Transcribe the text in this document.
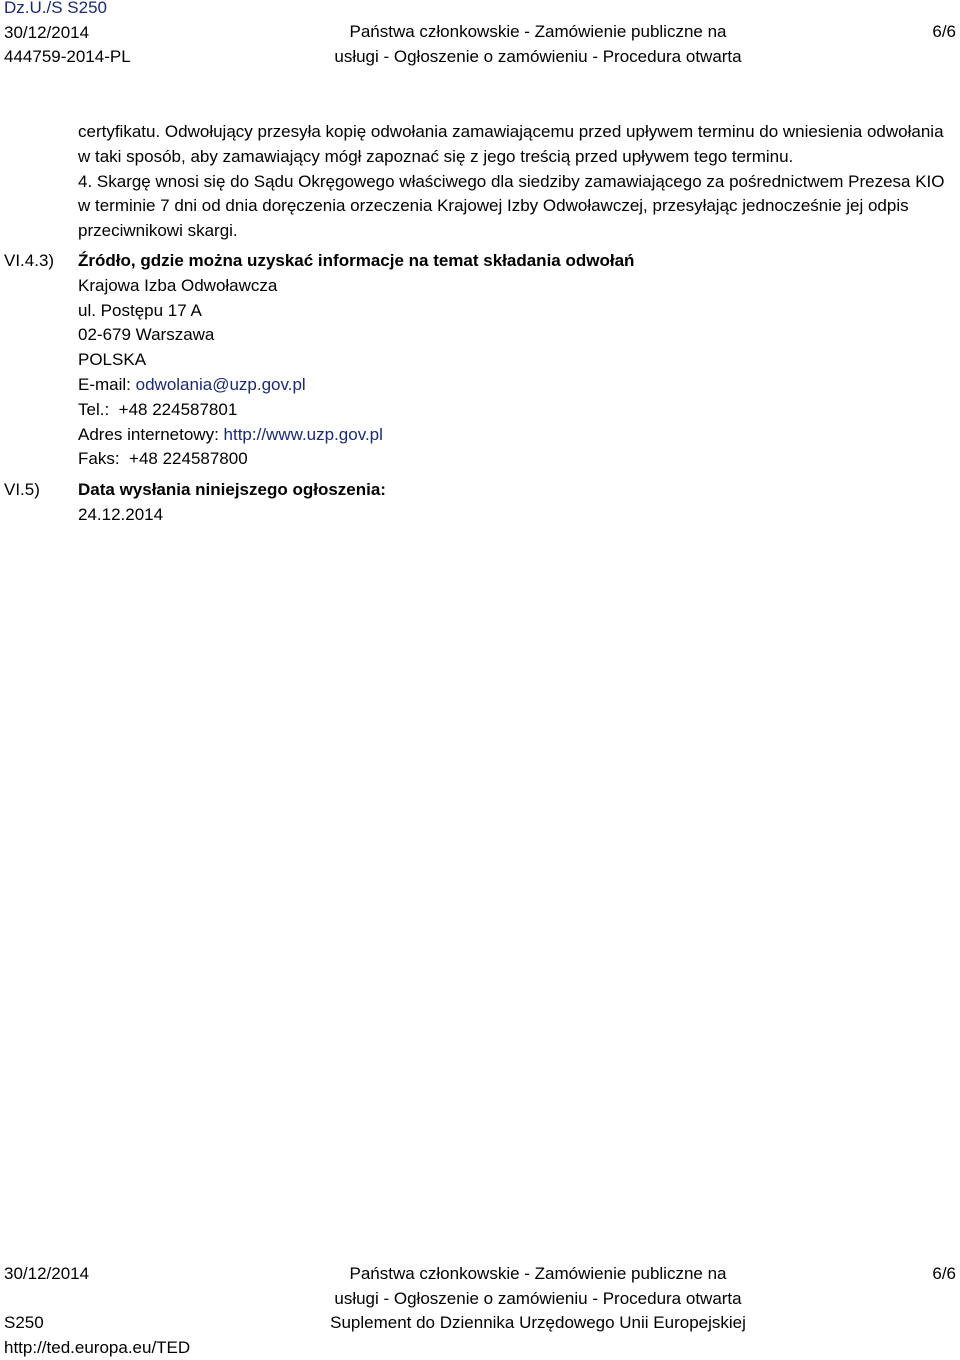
Dz.U./S S250
30/12/2014
444759-2014-PL
Państwa członkowskie - Zamówienie publiczne na
usługi - Ogłoszenie o zamówieniu - Procedura otwarta
6/6

certyfikatu. Odwołujący przesyła kopię odwołania zamawiającemu przed upływem terminu do wniesienia odwołania w taki sposób, aby zamawiający mógł zapoznać się z jego treścią przed upływem tego terminu.

4. Skargę wnosi się do Sądu Okręgowego właściwego dla siedziby zamawiającego za pośrednictwem Prezesa KIO w terminie 7 dni od dnia doręczenia orzeczenia Krajowej Izby Odwoławczej, przesyłając jednocześnie jej odpis przeciwnikowi skargi.

VI.4.3) Źródło, gdzie można uzyskać informacje na temat składania odwołań
Krajowa Izba Odwoławcza
ul. Postępu 17 A
02-679 Warszawa
POLSKA
E-mail: odwolania@uzp.gov.pl
Tel.: +48 224587801
Adres internetowy: http://www.uzp.gov.pl
Faks: +48 224587800
VI.5) Data wysłania niniejszego ogłoszenia:
24.12.2014
30/12/2014
S250
http://ted.europa.eu/TED
Państwa członkowskie - Zamówienie publiczne na
usługi - Ogłoszenie o zamówieniu - Procedura otwarta
Suplement do Dziennika Urzędowego Unii Europejskiej
6/6
